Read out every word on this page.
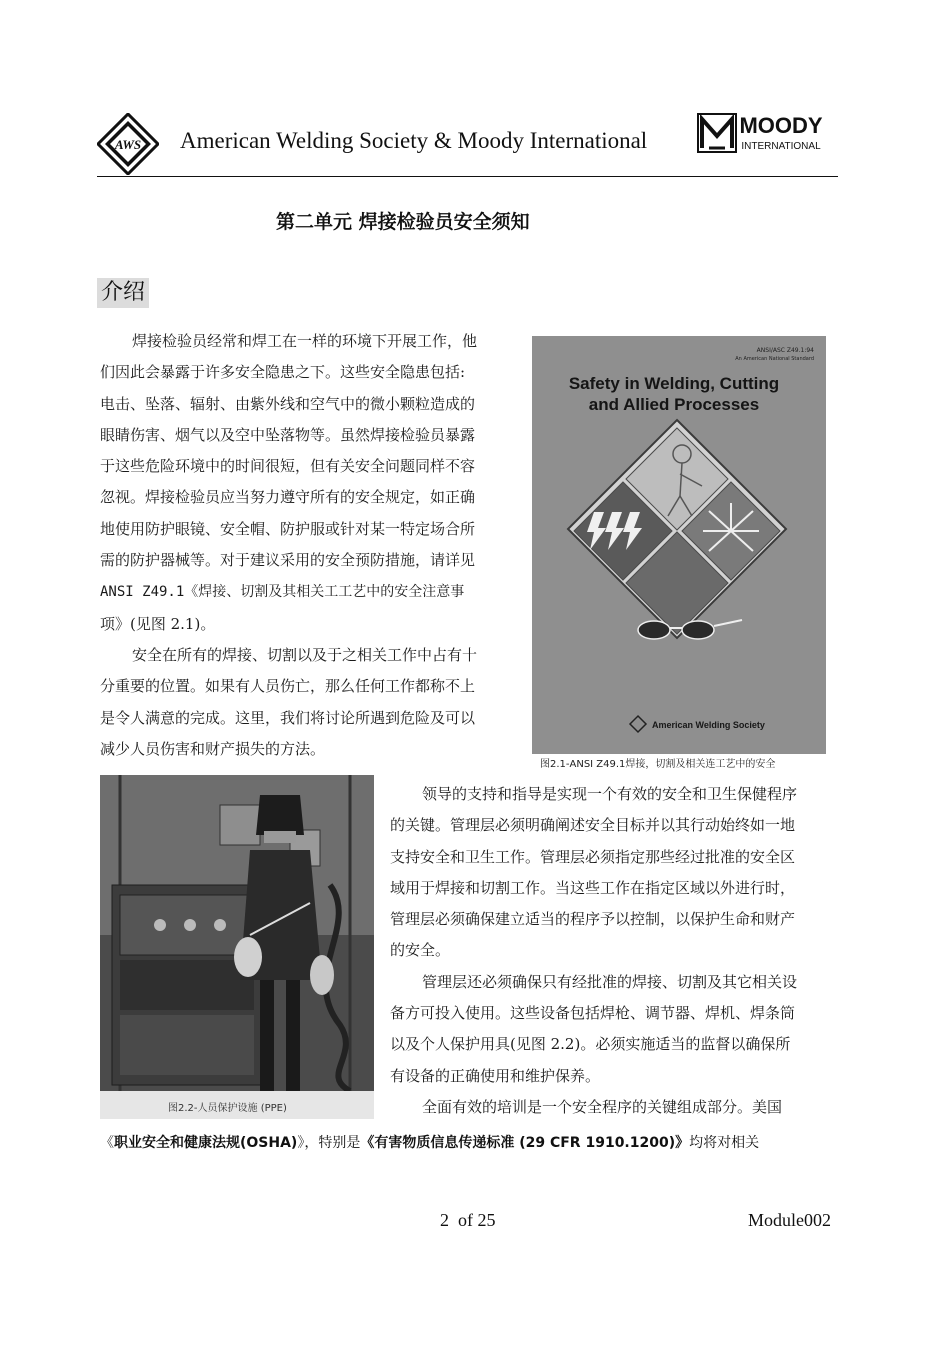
AWS American Welding Society & Moody International
MOODY
INTERNATIONAL
第二单元 焊接检验员安全须知
介绍

焊接检验员经常和焊工在一样的环境下开展工作，他
们因此会暴露于许多安全隐患之下。这些安全隐患包括:
电击、坠落、辐射、由紫外线和空气中的微小颗粒造成的
眼睛伤害、烟气以及空中坠落物等。虽然焊接检验员暴露
于这些危险环境中的时间很短，但有关安全问题同样不容
忽视。焊接检验员应当努力遵守所有的安全规定，如正确
地使用防护眼镜、安全帽、防护服或针对某一特定场合所
需的防护器械等。对于建议采用的安全预防措施，请详见
ANSI Z49.1《焊接、切割及其相关工工艺中的安全注意事
项》(见图 2.1)。

安全在所有的焊接、切割以及于之相关工作中占有十
分重要的位置。如果有人员伤亡，那么任何工作都称不上
是令人满意的完成。这里，我们将讨论所遇到危险及可以
减少人员伤害和财产损失的方法。

ANSI/ASC Z49.1:94
An American National Standard
Safety in Welding, Cutting
and Allied Processes
American Welding Society
图2.1-ANSI Z49.1焊接，切割及相关连工艺中的安全
图2.2-人员保护设施 (PPE)

领导的支持和指导是实现一个有效的安全和卫生保健程序
的关键。管理层必须明确阐述安全目标并以其行动始终如一地
支持安全和卫生工作。管理层必须指定那些经过批准的安全区
域用于焊接和切割工作。当这些工作在指定区域以外进行时，
管理层必须确保建立适当的程序予以控制，以保护生命和财产
的安全。

管理层还必须确保只有经批准的焊接、切割及其它相关设
备方可投入使用。这些设备包括焊枪、调节器、焊机、焊条筒
以及个人保护用具(见图 2.2)。必须实施适当的监督以确保所
有设备的正确使用和维护保养。

全面有效的培训是一个安全程序的关键组成部分。美国

《职业安全和健康法规(OSHA)》，特别是《有害物质信息传递标准 (29 CFR 1910.1200)》均将对相关
2  of 25	Module002
